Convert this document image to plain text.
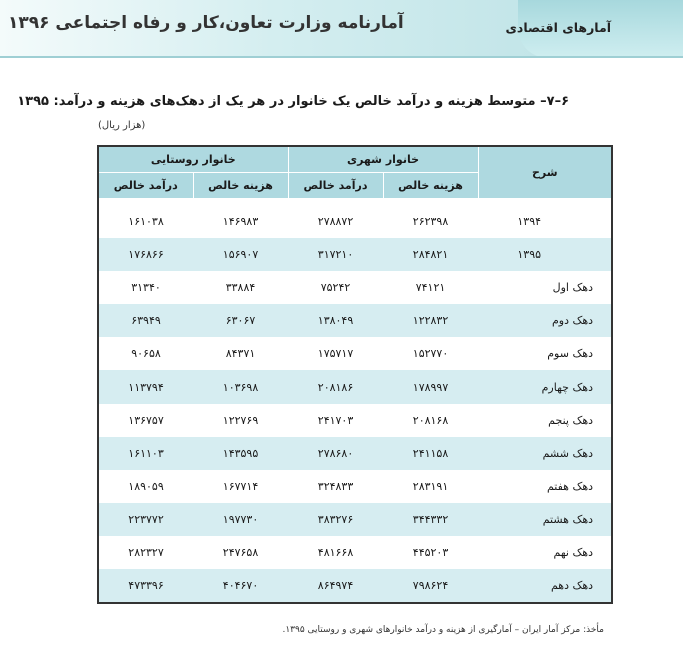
آمارنامه وزارت تعاون،کار و رفاه اجتماعی ۱۳۹۶	آمارهای اقتصادی
۶–۷– متوسط هزینه و درآمد خالص یک خانوار در هر یک از دهک‌های هزینه و درآمد: ۱۳۹۵
(هزار ریال)
شرح	خانوار شهری		خانوار روستایی	
	هزینه خالص	درآمد خالص	هزینه خالص	درآمد خالص

۱۳۹۴	۲۶۲۳۹۸	۲۷۸۸۷۲	۱۴۶۹۸۳	۱۶۱۰۳۸
۱۳۹۵	۲۸۴۸۲۱	۳۱۷۲۱۰	۱۵۶۹۰۷	۱۷۶۸۶۶
دهک اول	۷۴۱۲۱	۷۵۲۴۲	۳۳۸۸۴	۳۱۳۴۰
دهک دوم	۱۲۲۸۳۲	۱۳۸۰۴۹	۶۳۰۶۷	۶۳۹۴۹
دهک سوم	۱۵۲۷۷۰	۱۷۵۷۱۷	۸۴۳۷۱	۹۰۶۵۸
دهک چهارم	۱۷۸۹۹۷	۲۰۸۱۸۶	۱۰۳۶۹۸	۱۱۳۷۹۴
دهک پنجم	۲۰۸۱۶۸	۲۴۱۷۰۳	۱۲۲۷۶۹	۱۳۶۷۵۷
دهک ششم	۲۴۱۱۵۸	۲۷۸۶۸۰	۱۴۳۵۹۵	۱۶۱۱۰۳
دهک هفتم	۲۸۳۱۹۱	۳۲۴۸۳۳	۱۶۷۷۱۴	۱۸۹۰۵۹
دهک هشتم	۳۴۴۳۳۲	۳۸۳۲۷۶	۱۹۷۷۳۰	۲۲۳۷۷۲
دهک نهم	۴۴۵۲۰۳	۴۸۱۶۶۸	۲۴۷۶۵۸	۲۸۲۳۲۷
دهک دهم	۷۹۸۶۲۴	۸۶۴۹۷۴	۴۰۴۶۷۰	۴۷۳۳۹۶
مأخذ: مرکز آمار ایران – آمارگیری از هزینه و درآمد خانوارهای شهری و روستایی ۱۳۹۵.
